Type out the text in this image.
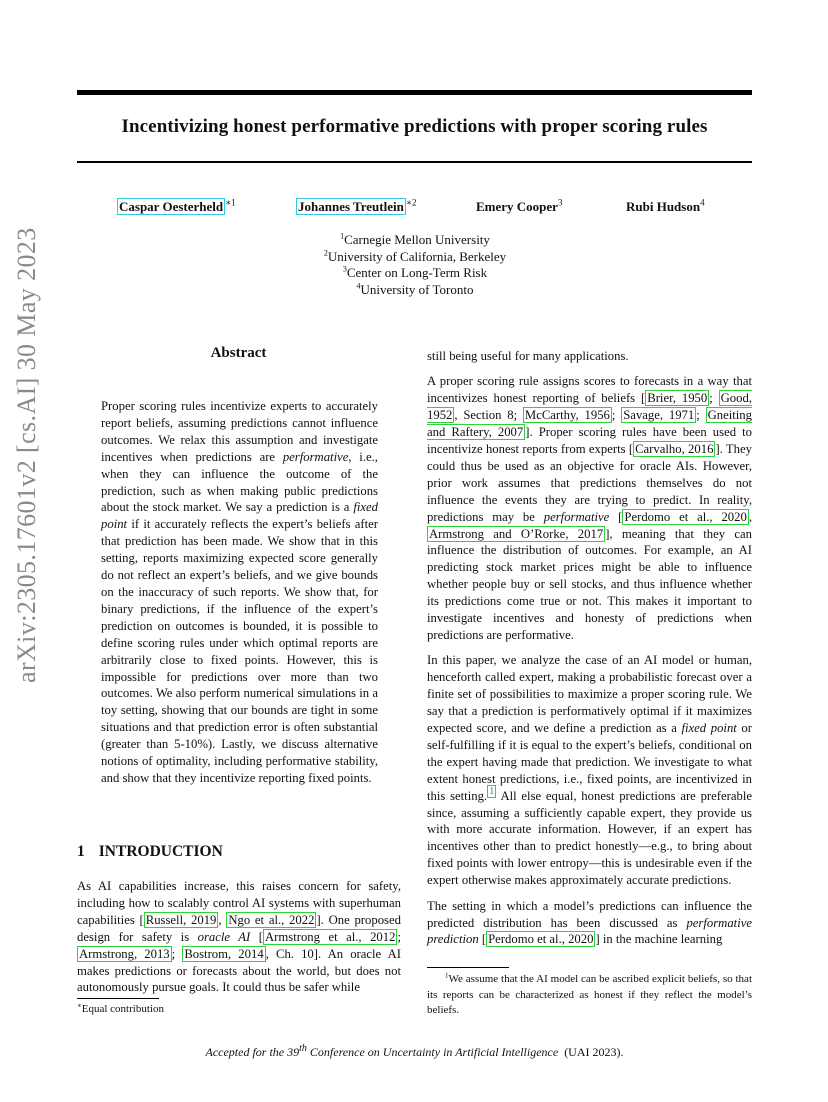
Incentivizing honest performative predictions with proper scoring rules
Caspar Oesterheld $^{∗1}$	Johannes Treutlein $^{∗2}$	Emery Cooper$^3$	Rubi Hudson$^4$
$^1$Carnegie Mellon University
$^2$University of California, Berkeley
$^3$Center on Long-Term Risk
$^4$University of Toronto
arXiv:2305.17601v2 [cs.AI] 30 May 2023	Abstract

Proper scoring rules incentivize experts to accurately report beliefs, assuming predictions cannot influence outcomes. We relax this assumption and investigate incentives when predictions are performative, i.e., when they can influence the outcome of the prediction, such as when making public predictions about the stock market. We say a prediction is a fixed point if it accurately reflects the expert’s beliefs after that prediction has been made. We show that in this setting, reports maximizing expected score generally do not reflect an expert’s beliefs, and we give bounds on the inaccuracy of such reports. We show that, for binary predictions, if the influence of the expert’s prediction on outcomes is bounded, it is possible to define scoring rules under which optimal reports are arbitrarily close to fixed points. However, this is impossible for predictions over more than two outcomes. We also perform numerical simulations in a toy setting, showing that our bounds are tight in some situations and that prediction error is often substantial (greater than 5-10%). Lastly, we discuss alternative notions of optimality, including performative stability, and show that they incentivize reporting fixed points.

1 INTRODUCTION

As AI capabilities increase, this raises concern for safety, including how to scalably control AI systems with superhuman capabilities [ Russell, 2019 , Ngo et al., 2022 ]. One proposed design for safety is oracle AI [ Armstrong et al., 2012 ; Armstrong, 2013 ; Bostrom, 2014 , Ch. 10]. An oracle AI makes predictions or forecasts about the world, but does not autonomously pursue goals. It could thus be safer while

still being useful for many applications.

A proper scoring rule assigns scores to forecasts in a way that incentivizes honest reporting of beliefs [ Brier, 1950 ; Good, 1952 , Section 8; McCarthy, 1956 ; Savage, 1971 ; Gneiting and Raftery, 2007 ]. Proper scoring rules have been used to incentivize honest reports from experts [ Carvalho, 2016 ]. They could thus be used as an objective for oracle AIs. However, prior work assumes that predictions themselves do not influence the events they are trying to predict. In reality, predictions may be performative [ Perdomo et al., 2020 , Armstrong and O’Rorke, 2017 ], meaning that they can influence the distribution of outcomes. For example, an AI predicting stock market prices might be able to influence whether people buy or sell stocks, and thus influence whether its predictions come true or not. This makes it important to investigate incentives and honesty of predictions when predictions are performative.

In this paper, we analyze the case of an AI model or human, henceforth called expert, making a probabilistic forecast over a finite set of possibilities to maximize a proper scoring rule. We say that a prediction is performatively optimal if it maximizes expected score, and we define a prediction as a fixed point or self-fulfilling if it is equal to the expert’s beliefs, conditional on the expert having made that prediction. We investigate to what extent honest predictions, i.e., fixed points, are incentivized in this setting. $^1$ All else equal, honest predictions are preferable since, assuming a sufficiently capable expert, they provide us with more accurate information. However, if an expert has incentives other than to predict honestly—e.g., to bring about fixed points with lower entropy—this is undesirable even if the expert otherwise makes approximately accurate predictions.

The setting in which a model’s predictions can influence the predicted distribution has been discussed as performative prediction [ Perdomo et al., 2020 ] in the machine learning

∗Equal contribution
$^1$We assume that the AI model can be ascribed explicit beliefs, so that its reports can be characterized as honest if they reflect the model’s beliefs.
Accepted for the 39th Conference on Uncertainty in Artificial Intelligence (UAI 2023).
